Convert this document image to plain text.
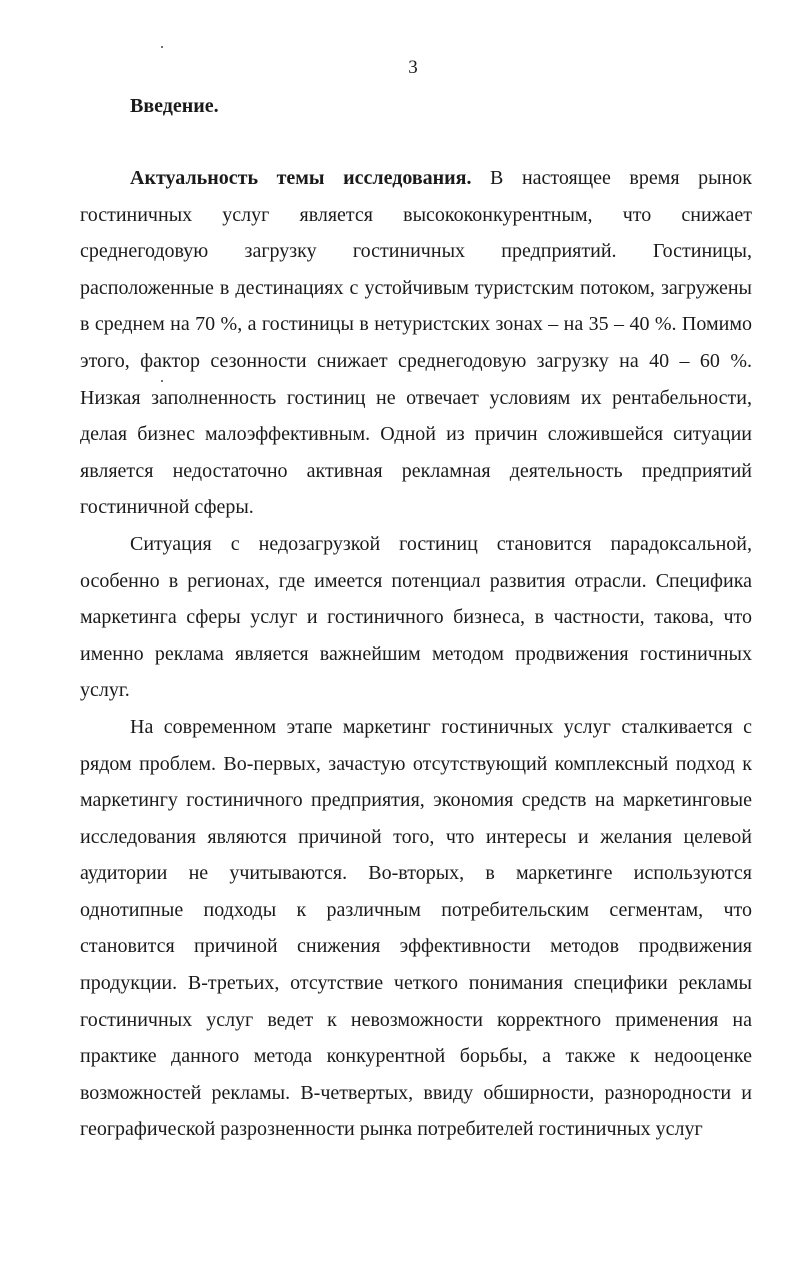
3
Введение.

Актуальность темы исследования. В настоящее время рынок гостиничных услуг является высококонкурентным, что снижает среднегодовую загрузку гостиничных предприятий. Гостиницы, расположенные в дестинациях с устойчивым туристским потоком, загружены в среднем на 70 %, а гостиницы в нетуристских зонах – на 35 – 40 %. Помимо этого, фактор сезонности снижает среднегодовую загрузку на 40 – 60 %. Низкая заполненность гостиниц не отвечает условиям их рентабельности, делая бизнес малоэффективным. Одной из причин сложившейся ситуации является недостаточно активная рекламная деятельность предприятий гостиничной сферы.

Ситуация с недозагрузкой гостиниц становится парадоксальной, особенно в регионах, где имеется потенциал развития отрасли. Специфика маркетинга сферы услуг и гостиничного бизнеса, в частности, такова, что именно реклама является важнейшим методом продвижения гостиничных услуг.

На современном этапе маркетинг гостиничных услуг сталкивается с рядом проблем. Во-первых, зачастую отсутствующий комплексный подход к маркетингу гостиничного предприятия, экономия средств на маркетинговые исследования являются причиной того, что интересы и желания целевой аудитории не учитываются. Во-вторых, в маркетинге используются однотипные подходы к различным потребительским сегментам, что становится причиной снижения эффективности методов продвижения продукции. В-третьих, отсутствие четкого понимания специфики рекламы гостиничных услуг ведет к невозможности корректного применения на практике данного метода конкурентной борьбы, а также к недооценке возможностей рекламы. В-четвертых, ввиду обширности, разнородности и географической разрозненности рынка потребителей гостиничных услуг
